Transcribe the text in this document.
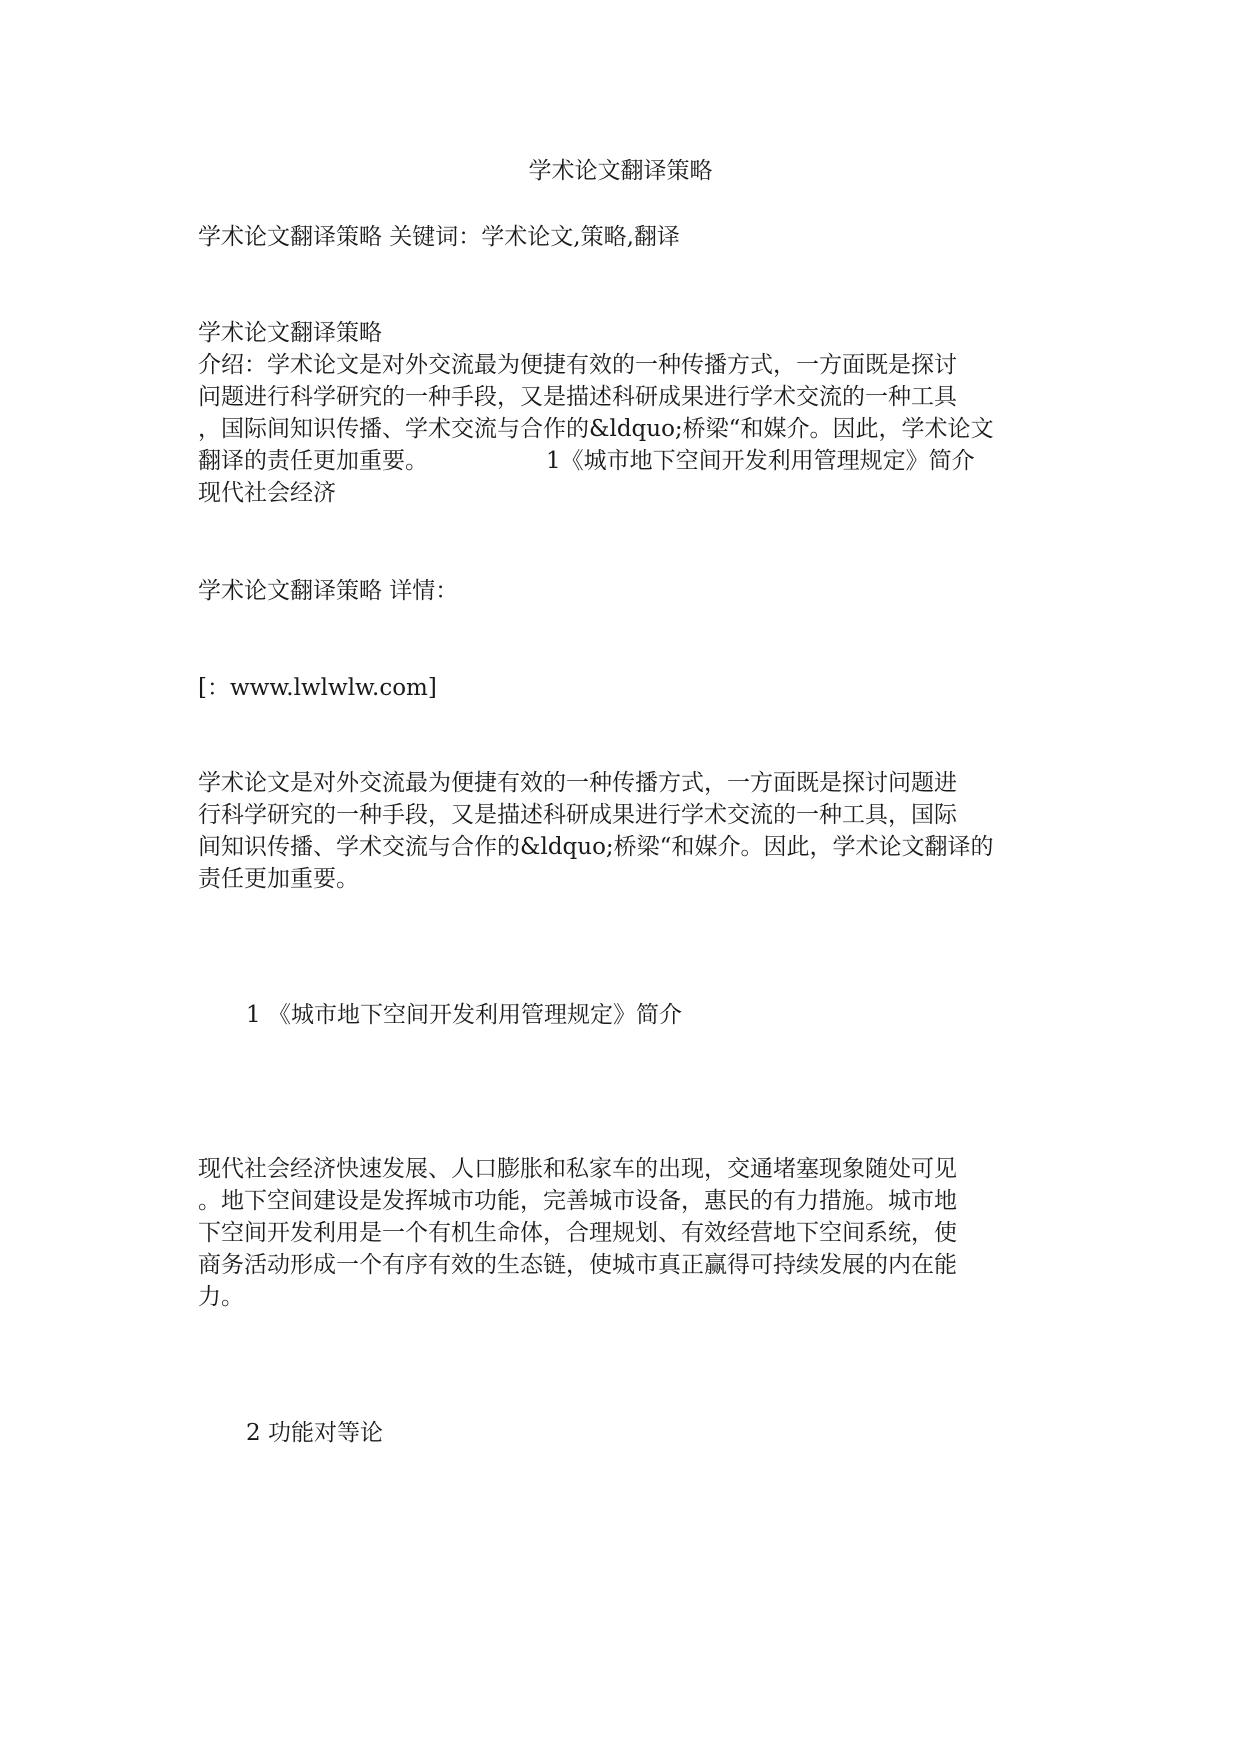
学术论文翻译策略
学术论文翻译策略 关键词：学术论文,策略,翻译
学术论文翻译策略
介绍：学术论文是对外交流最为便捷有效的一种传播方式，一方面既是探讨
问题进行科学研究的一种手段，又是描述科研成果进行学术交流的一种工具
，国际间知识传播、学术交流与合作的&ldquo;桥梁“和媒介。因此，学术论文
翻译的责任更加重要。	1《城市地下空间开发利用管理规定》简介
现代社会经济
学术论文翻译策略 详情：
[：www.lwlwlw.com]
学术论文是对外交流最为便捷有效的一种传播方式，一方面既是探讨问题进
行科学研究的一种手段，又是描述科研成果进行学术交流的一种工具，国际
间知识传播、学术交流与合作的&ldquo;桥梁“和媒介。因此，学术论文翻译的
责任更加重要。
1 《城市地下空间开发利用管理规定》简介
现代社会经济快速发展、人口膨胀和私家车的出现，交通堵塞现象随处可见
。地下空间建设是发挥城市功能，完善城市设备，惠民的有力措施。城市地
下空间开发利用是一个有机生命体，合理规划、有效经营地下空间系统，使
商务活动形成一个有序有效的生态链，使城市真正赢得可持续发展的内在能
力。
2 功能对等论
